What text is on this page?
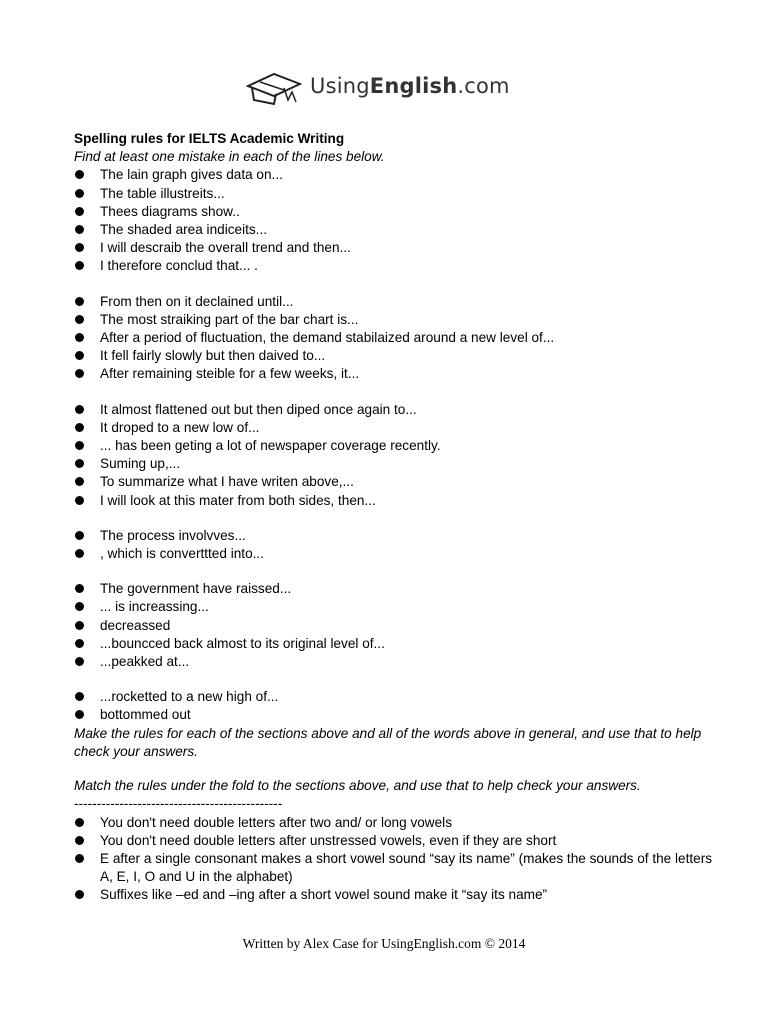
UsingEnglish.com
Spelling rules for IELTS Academic Writing
Find at least one mistake in each of the lines below.
The lain graph gives data on...
The table illustreits...
Thees diagrams show..
The shaded area indiceits...
I will descraib the overall trend and then...
I therefore conclud that... .
From then on it declained until...
The most straiking part of the bar chart is...
After a period of fluctuation, the demand stabilaized around a new level of...
It fell fairly slowly but then daived to...
After remaining steible for a few weeks, it...
It almost flattened out but then diped once again to...
It droped to a new low of...
... has been geting a lot of newspaper coverage recently.
Suming up,...
To summarize what I have writen above,...
I will look at this mater from both sides, then...
The process involvves...
, which is converttted into...
The government have raissed...
... is increassing...
decreassed
...bouncced back almost to its original level of...
...peakked at...
...rocketted to a new high of...
bottommed out
Make the rules for each of the sections above and all of the words above in general, and use that to help check your answers.
Match the rules under the fold to the sections above, and use that to help check your answers.
----------------------------------------------
You don't need double letters after two and/ or long vowels
You don't need double letters after unstressed vowels, even if they are short
E after a single consonant makes a short vowel sound “say its name” (makes the sounds of the letters A, E, I, O and U in the alphabet)
Suffixes like –ed and –ing after a short vowel sound make it “say its name”
Written by Alex Case for UsingEnglish.com © 2014
